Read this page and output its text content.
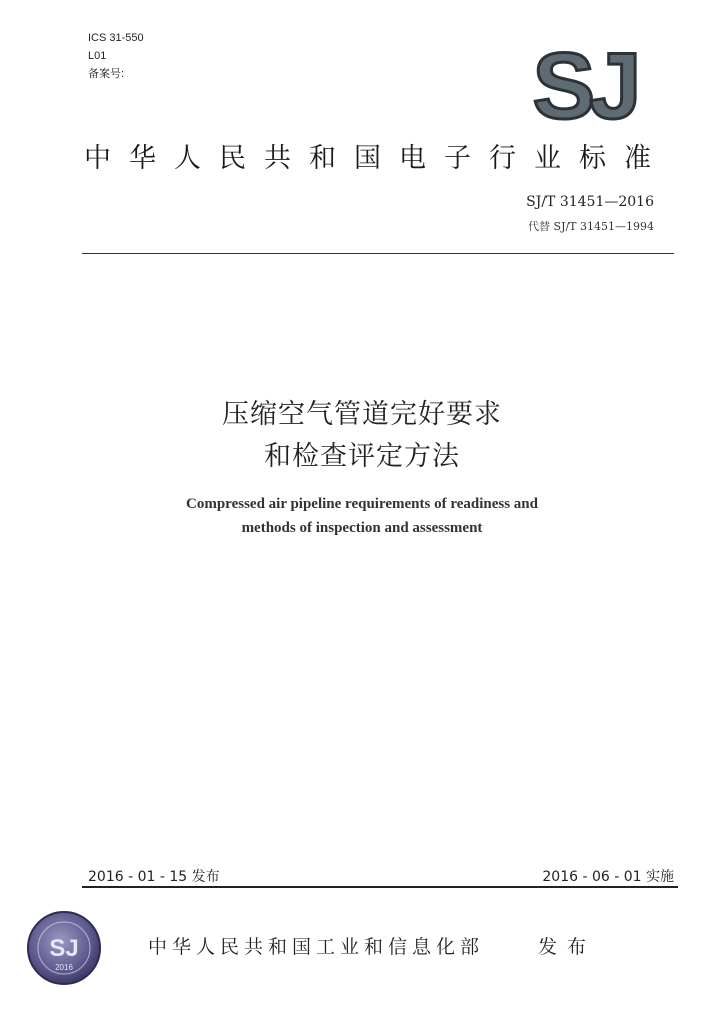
ICS 31-550
L01
备案号:	SJ
中华人民共和国电子行业标准
SJ/T 31451—2016
代替 SJ/T 31451—1994
压缩空气管道完好要求
和检查评定方法
Compressed air pipeline requirements of readiness and
methods of inspection and assessment
2016 - 01 - 15 发布	2016 - 06 - 01 实施
SJ
2016
中华人民共和国工业和信息化部	发布
